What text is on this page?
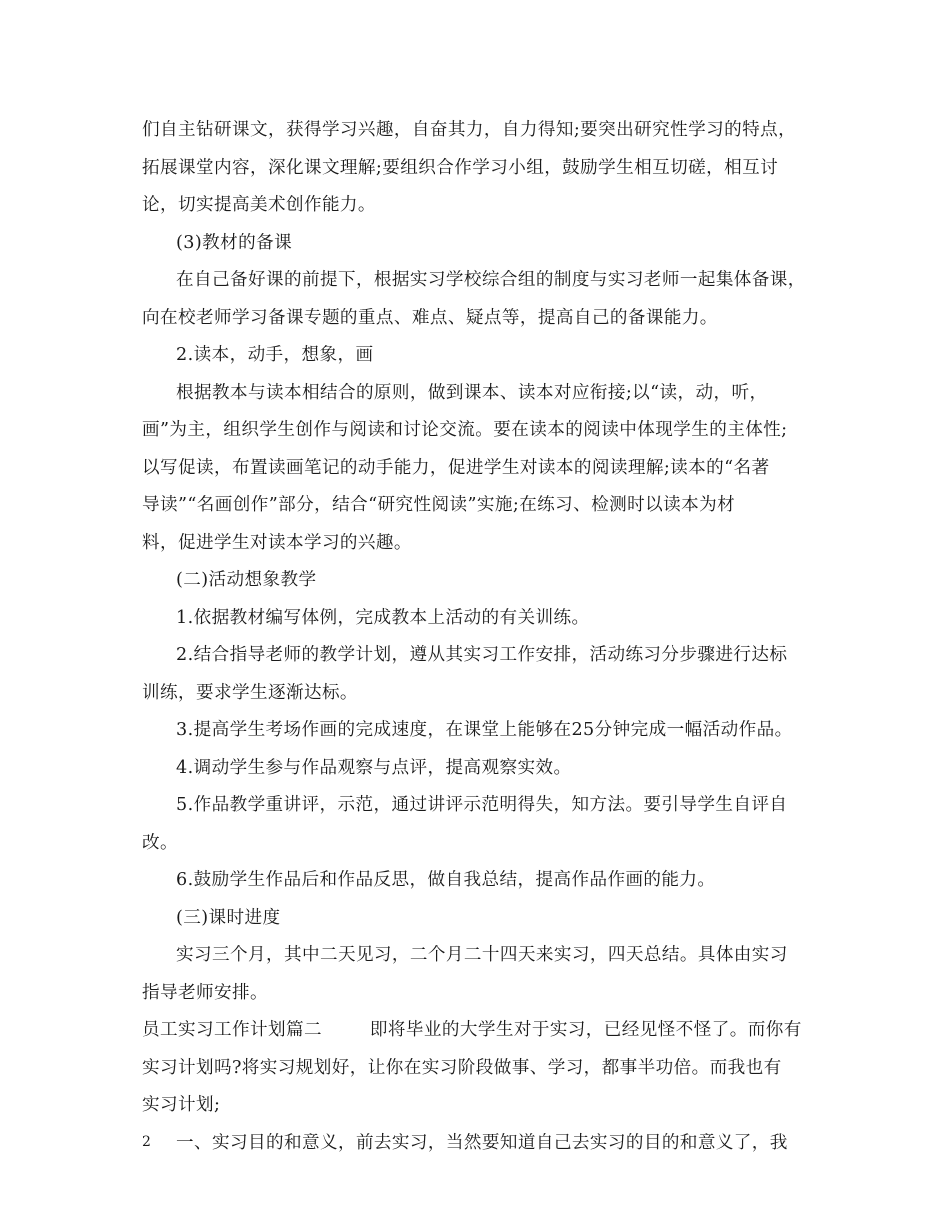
们自主钻研课文，获得学习兴趣，自奋其力，自力得知;要突出研究性学习的特点，
拓展课堂内容，深化课文理解;要组织合作学习小组，鼓励学生相互切磋，相互讨
论，切实提高美术创作能力。
(3)教材的备课
在自己备好课的前提下，根据实习学校综合组的制度与实习老师一起集体备课，
向在校老师学习备课专题的重点、难点、疑点等，提高自己的备课能力。
2.读本，动手，想象，画
根据教本与读本相结合的原则，做到课本、读本对应衔接;以“读，动，听，
画”为主，组织学生创作与阅读和讨论交流。要在读本的阅读中体现学生的主体性;
以写促读，布置读画笔记的动手能力，促进学生对读本的阅读理解;读本的“名著
导读”“名画创作”部分，结合“研究性阅读”实施;在练习、检测时以读本为材
料，促进学生对读本学习的兴趣。
(二)活动想象教学
1.依据教材编写体例，完成教本上活动的有关训练。
2.结合指导老师的教学计划，遵从其实习工作安排，活动练习分步骤进行达标
训练，要求学生逐渐达标。
3.提高学生考场作画的完成速度，在课堂上能够在25分钟完成一幅活动作品。
4.调动学生参与作品观察与点评，提高观察实效。
5.作品教学重讲评，示范，通过讲评示范明得失，知方法。要引导学生自评自
改。
6.鼓励学生作品后和作品反思，做自我总结，提高作品作画的能力。
(三)课时进度
实习三个月，其中二天见习，二个月二十四天来实习，四天总结。具体由实习
指导老师安排。
员工实习工作计划篇二        即将毕业的大学生对于实习，已经见怪不怪了。而你有
实习计划吗?将实习规划好，让你在实习阶段做事、学习，都事半功倍。而我也有
实习计划;
一、实习目的和意义，前去实习，当然要知道自己去实习的目的和意义了，我
2
